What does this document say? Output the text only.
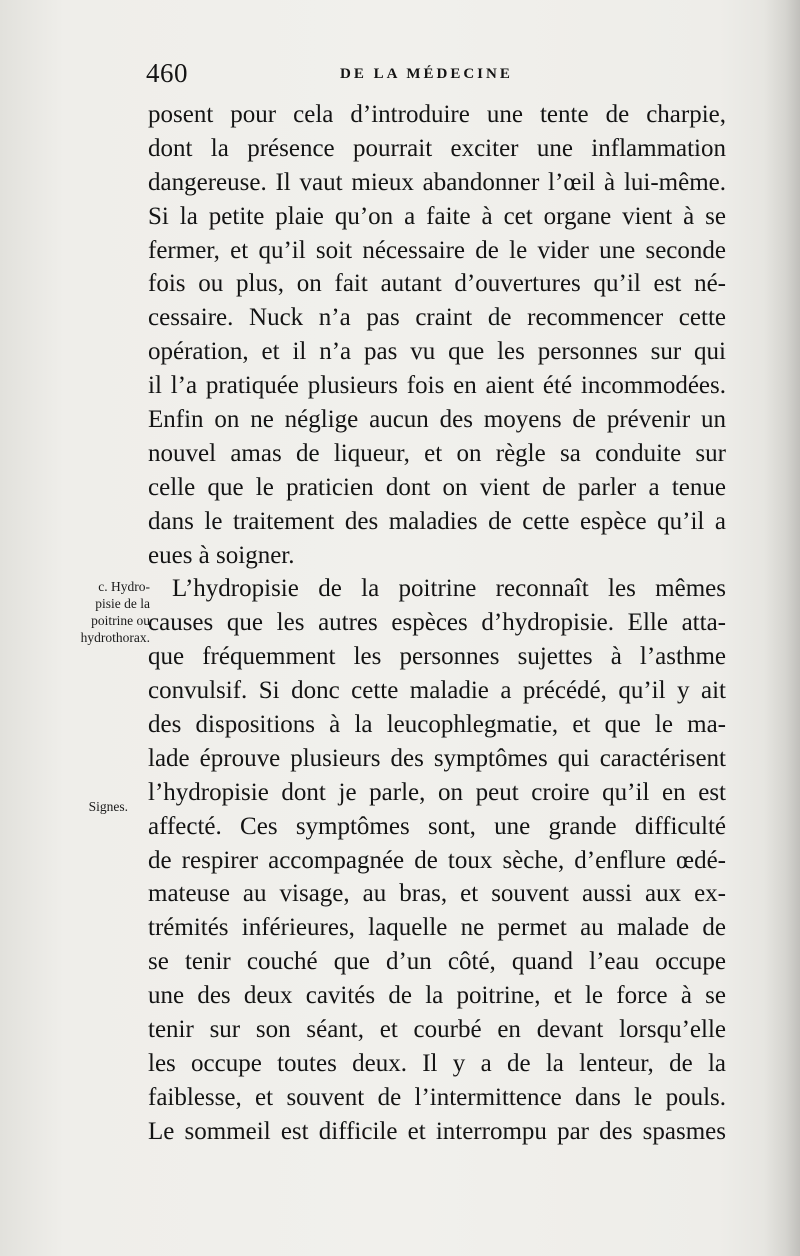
460	DE LA MÉDECINE
c. Hydro-
pisie de la
poitrine ou
hydrothorax.
Signes.
posent pour cela d’introduire une tente de charpie,
dont la présence pourrait exciter une inflammation
dangereuse. Il vaut mieux abandonner l’œil à lui-même.
Si la petite plaie qu’on a faite à cet organe vient à se
fermer, et qu’il soit nécessaire de le vider une seconde
fois ou plus, on fait autant d’ouvertures qu’il est né-
cessaire. Nuck n’a pas craint de recommencer cette
opération, et il n’a pas vu que les personnes sur qui
il l’a pratiquée plusieurs fois en aient été incommodées.
Enfin on ne néglige aucun des moyens de prévenir un
nouvel amas de liqueur, et on règle sa conduite sur
celle que le praticien dont on vient de parler a tenue
dans le traitement des maladies de cette espèce qu’il a
eues à soigner.
L’hydropisie de la poitrine reconnaît les mêmes
causes que les autres espèces d’hydropisie. Elle atta-
que fréquemment les personnes sujettes à l’asthme
convulsif. Si donc cette maladie a précédé, qu’il y ait
des dispositions à la leucophlegmatie, et que le ma-
lade éprouve plusieurs des symptômes qui caractérisent
l’hydropisie dont je parle, on peut croire qu’il en est
affecté. Ces symptômes sont, une grande difficulté
de respirer accompagnée de toux sèche, d’enflure œdé-
mateuse au visage, au bras, et souvent aussi aux ex-
trémités inférieures, laquelle ne permet au malade de
se tenir couché que d’un côté, quand l’eau occupe
une des deux cavités de la poitrine, et le force à se
tenir sur son séant, et courbé en devant lorsqu’elle
les occupe toutes deux. Il y a de la lenteur, de la
faiblesse, et souvent de l’intermittence dans le pouls.
Le sommeil est difficile et interrompu par des spasmes
